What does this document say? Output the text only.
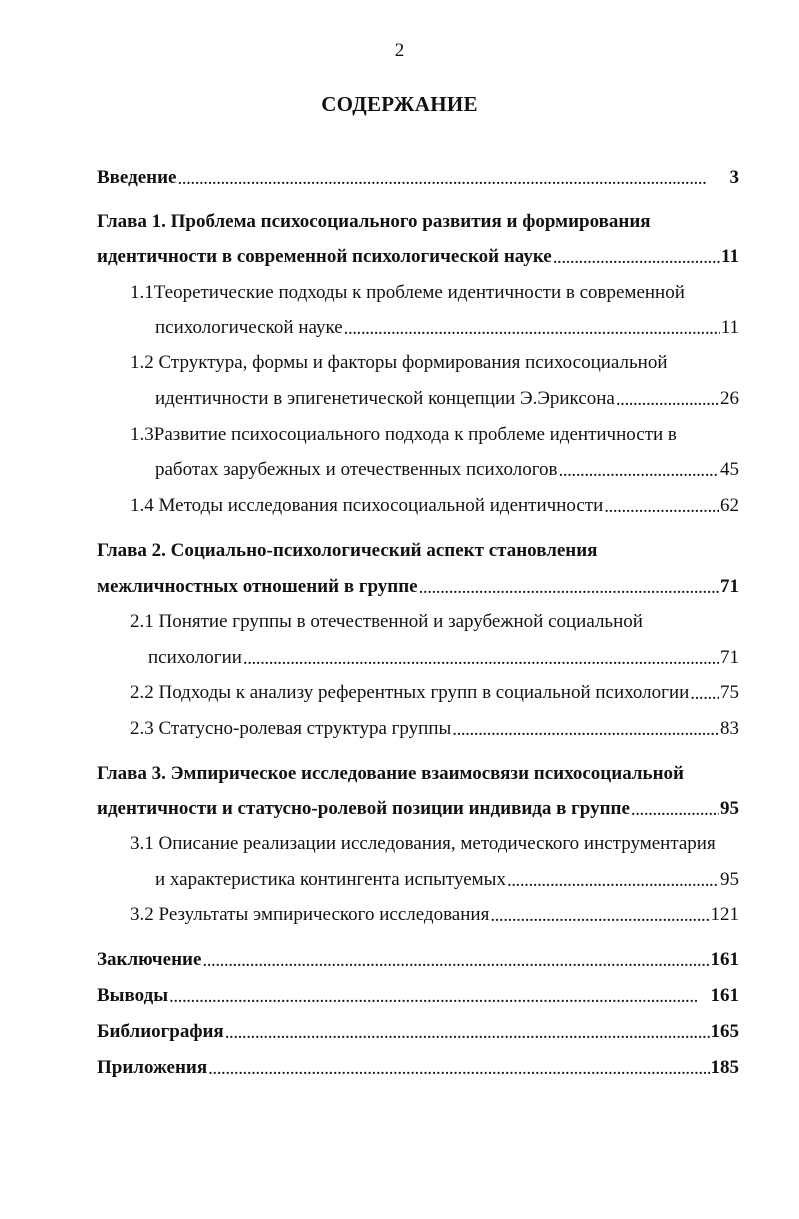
2
СОДЕРЖАНИЕ
Введение . . .	3
Глава 1. Проблема психосоциального развития и формирования
идентичности в современной психологической науке . . .	11
1.1Теоретические подходы к проблеме идентичности в современной
психологической науке . . .	11
1.2 Структура, формы и факторы формирования психосоциальной
идентичности в эпигенетической концепции Э.Эриксона . . .	26
1.3Развитие психосоциального подхода к проблеме идентичности в
работах зарубежных и отечественных психологов . . .	45
1.4 Методы исследования психосоциальной идентичности . . .	62
Глава 2. Социально-психологический аспект становления
межличностных отношений в группе . . .	71
2.1 Понятие группы в отечественной и зарубежной социальной
психологии . . .	71
2.2 Подходы к анализу референтных групп в социальной психологии . . . 75
2.3 Статусно-ролевая структура группы . . .	83
Глава 3. Эмпирическое исследование взаимосвязи психосоциальной
идентичности и статусно-ролевой позиции индивида в группе . . .	95
3.1 Описание реализации исследования, методического инструментария
и характеристика контингента испытуемых . . .	95
3.2 Результаты эмпирического исследования . . .	121
Заключение . . .	161
Выводы . . .	161
Библиография . . .	165
Приложения . . .	185
